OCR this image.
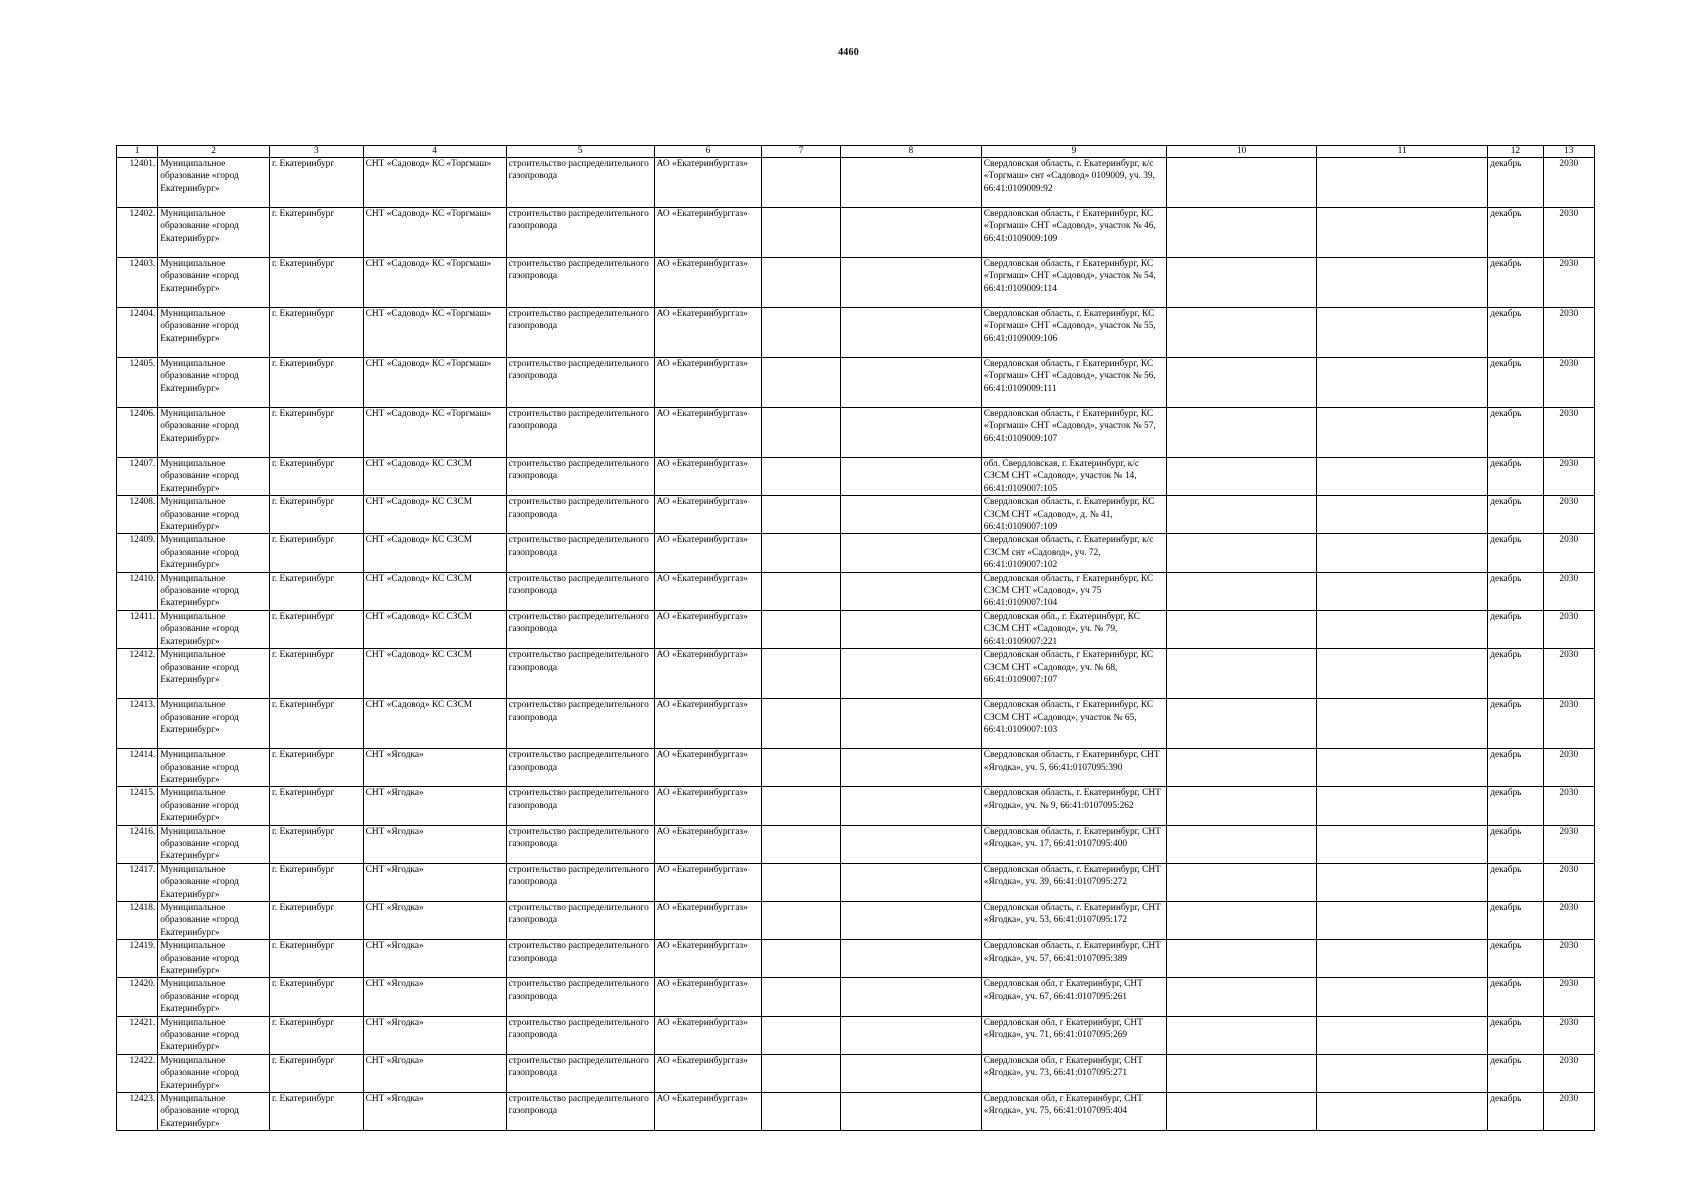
4460
1	2	3	4	5	6	7	8	9	10	11	12	13
12401.	Муниципальное образование «город Екатеринбург»	г. Екатеринбург	СНТ «Садовод» КС «Торгмаш»	строительство распределительного газопровода	АО «Екатеринбурггаз»			Свердловская область, г. Екатеринбург, к/с «Торгмаш» снт «Садовод» 0109009, уч. 39, 66:41:0109009:92			декабрь	2030
12402.	Муниципальное образование «город Екатеринбург»	г. Екатеринбург	СНТ «Садовод» КС «Торгмаш»	строительство распределительного газопровода	АО «Екатеринбурггаз»			Свердловская область, г Екатеринбург, КС «Торгмаш» СНТ «Садовод», участок № 46, 66:41:0109009:109			декабрь	2030
12403.	Муниципальное образование «город Екатеринбург»	г. Екатеринбург	СНТ «Садовод» КС «Торгмаш»	строительство распределительного газопровода	АО «Екатеринбурггаз»			Свердловская область, г Екатеринбург, КС «Торгмаш» СНТ «Садовод», участок № 54, 66:41:0109009:114			декабрь	2030
12404.	Муниципальное образование «город Екатеринбург»	г. Екатеринбург	СНТ «Садовод» КС «Торгмаш»	строительство распределительного газопровода	АО «Екатеринбурггаз»			Свердловская область, г. Екатеринбург, КС «Торгмаш» СНТ «Садовод», участок № 55, 66:41:0109009:106			декабрь	2030
12405.	Муниципальное образование «город Екатеринбург»	г. Екатеринбург	СНТ «Садовод» КС «Торгмаш»	строительство распределительного газопровода	АО «Екатеринбурггаз»			Свердловская область, г Екатеринбург, КС «Торгмаш» СНТ «Садовод», участок № 56, 66:41:0109009:111			декабрь	2030
12406.	Муниципальное образование «город Екатеринбург»	г. Екатеринбург	СНТ «Садовод» КС «Торгмаш»	строительство распределительного газопровода	АО «Екатеринбурггаз»			Свердловская область, г Екатеринбург, КС «Торгмаш» СНТ «Садовод», участок № 57, 66:41:0109009:107			декабрь	2030
12407.	Муниципальное образование «город Екатеринбург»	г. Екатеринбург	СНТ «Садовод» КС СЗСМ	строительство распределительного газопровода	АО «Екатеринбурггаз»			обл. Свердловская, г. Екатеринбург, к/с СЗСМ СНТ «Садовод», участок № 14, 66:41:0109007:105			декабрь	2030
12408.	Муниципальное образование «город Екатеринбург»	г. Екатеринбург	СНТ «Садовод» КС СЗСМ	строительство распределительного газопровода	АО «Екатеринбурггаз»			Свердловская область, г. Екатеринбург, КС СЗСМ СНТ «Садовод», д. № 41, 66:41:0109007:109			декабрь	2030
12409.	Муниципальное образование «город Екатеринбург»	г. Екатеринбург	СНТ «Садовод» КС СЗСМ	строительство распределительного газопровода	АО «Екатеринбурггаз»			Свердловская область, г. Екатеринбург, к/с СЗСМ снт «Садовод», уч. 72, 66:41:0109007:102			декабрь	2030
12410.	Муниципальное образование «город Екатеринбург»	г. Екатеринбург	СНТ «Садовод» КС СЗСМ	строительство распределительного газопровода	АО «Екатеринбурггаз»			Свердловская область, г Екатеринбург, КС СЗСМ СНТ «Садовод», уч 75 66:41:0109007:104			декабрь	2030
12411.	Муниципальное образование «город Екатеринбург»	г. Екатеринбург	СНТ «Садовод» КС СЗСМ	строительство распределительного газопровода	АО «Екатеринбурггаз»			Свердловская обл., г. Екатеринбург, КС СЗСМ СНТ «Садовод», уч. № 79, 66:41:0109007:221			декабрь	2030
12412.	Муниципальное образование «город Екатеринбург»	г. Екатеринбург	СНТ «Садовод» КС СЗСМ	строительство распределительного газопровода	АО «Екатеринбурггаз»			Свердловская область, г Екатеринбург, КС СЗСМ СНТ «Садовод», уч. № 68, 66:41:0109007:107			декабрь	2030
12413.	Муниципальное образование «город Екатеринбург»	г. Екатеринбург	СНТ «Садовод» КС СЗСМ	строительство распределительного газопровода	АО «Екатеринбурггаз»			Свердловская область, г Екатеринбург, КС СЗСМ СНТ «Садовод», участок № 65, 66:41:0109007:103			декабрь	2030
12414.	Муниципальное образование «город Екатеринбург»	г. Екатеринбург	СНТ «Ягодка»	строительство распределительного газопровода	АО «Екатеринбурггаз»			Свердловская область, г Екатеринбург, СНТ «Ягодка», уч. 5, 66:41:0107095:390			декабрь	2030
12415.	Муниципальное образование «город Екатеринбург»	г. Екатеринбург	СНТ «Ягодка»	строительство распределительного газопровода	АО «Екатеринбурггаз»			Свердловская область, г. Екатеринбург, СНТ «Ягодка», уч. № 9, 66:41:0107095:262			декабрь	2030
12416.	Муниципальное образование «город Екатеринбург»	г. Екатеринбург	СНТ «Ягодка»	строительство распределительного газопровода	АО «Екатеринбурггаз»			Свердловская область, г. Екатеринбург, СНТ «Ягодка», уч. 17, 66:41:0107095:400			декабрь	2030
12417.	Муниципальное образование «город Екатеринбург»	г. Екатеринбург	СНТ «Ягодка»	строительство распределительного газопровода	АО «Екатеринбурггаз»			Свердловская область, г. Екатеринбург, СНТ «Ягодка», уч. 39, 66:41:0107095:272			декабрь	2030
12418.	Муниципальное образование «город Екатеринбург»	г. Екатеринбург	СНТ «Ягодка»	строительство распределительного газопровода	АО «Екатеринбурггаз»			Свердловская область, г. Екатеринбург, СНТ «Ягодка», уч. 53, 66:41:0107095:172			декабрь	2030
12419.	Муниципальное образование «город Екатеринбург»	г. Екатеринбург	СНТ «Ягодка»	строительство распределительного газопровода	АО «Екатеринбурггаз»			Свердловская область, г. Екатеринбург, СНТ «Ягодка», уч. 57, 66:41:0107095:389			декабрь	2030
12420.	Муниципальное образование «город Екатеринбург»	г. Екатеринбург	СНТ «Ягодка»	строительство распределительного газопровода	АО «Екатеринбурггаз»			Свердловская обл, г Екатеринбург, СНТ «Ягодка», уч. 67, 66:41:0107095:261			декабрь	2030
12421.	Муниципальное образование «город Екатеринбург»	г. Екатеринбург	СНТ «Ягодка»	строительство распределительного газопровода	АО «Екатеринбурггаз»			Свердловская обл, г Екатеринбург, СНТ «Ягодка», уч. 71, 66:41:0107095:269			декабрь	2030
12422.	Муниципальное образование «город Екатеринбург»	г. Екатеринбург	СНТ «Ягодка»	строительство распределительного газопровода	АО «Екатеринбурггаз»			Свердловская обл, г Екатеринбург, СНТ «Ягодка», уч. 73, 66:41:0107095:271			декабрь	2030
12423.	Муниципальное образование «город Екатеринбург»	г. Екатеринбург	СНТ «Ягодка»	строительство распределительного газопровода	АО «Екатеринбурггаз»			Свердловская обл, г Екатеринбург, СНТ «Ягодка», уч. 75, 66:41:0107095:404			декабрь	2030
